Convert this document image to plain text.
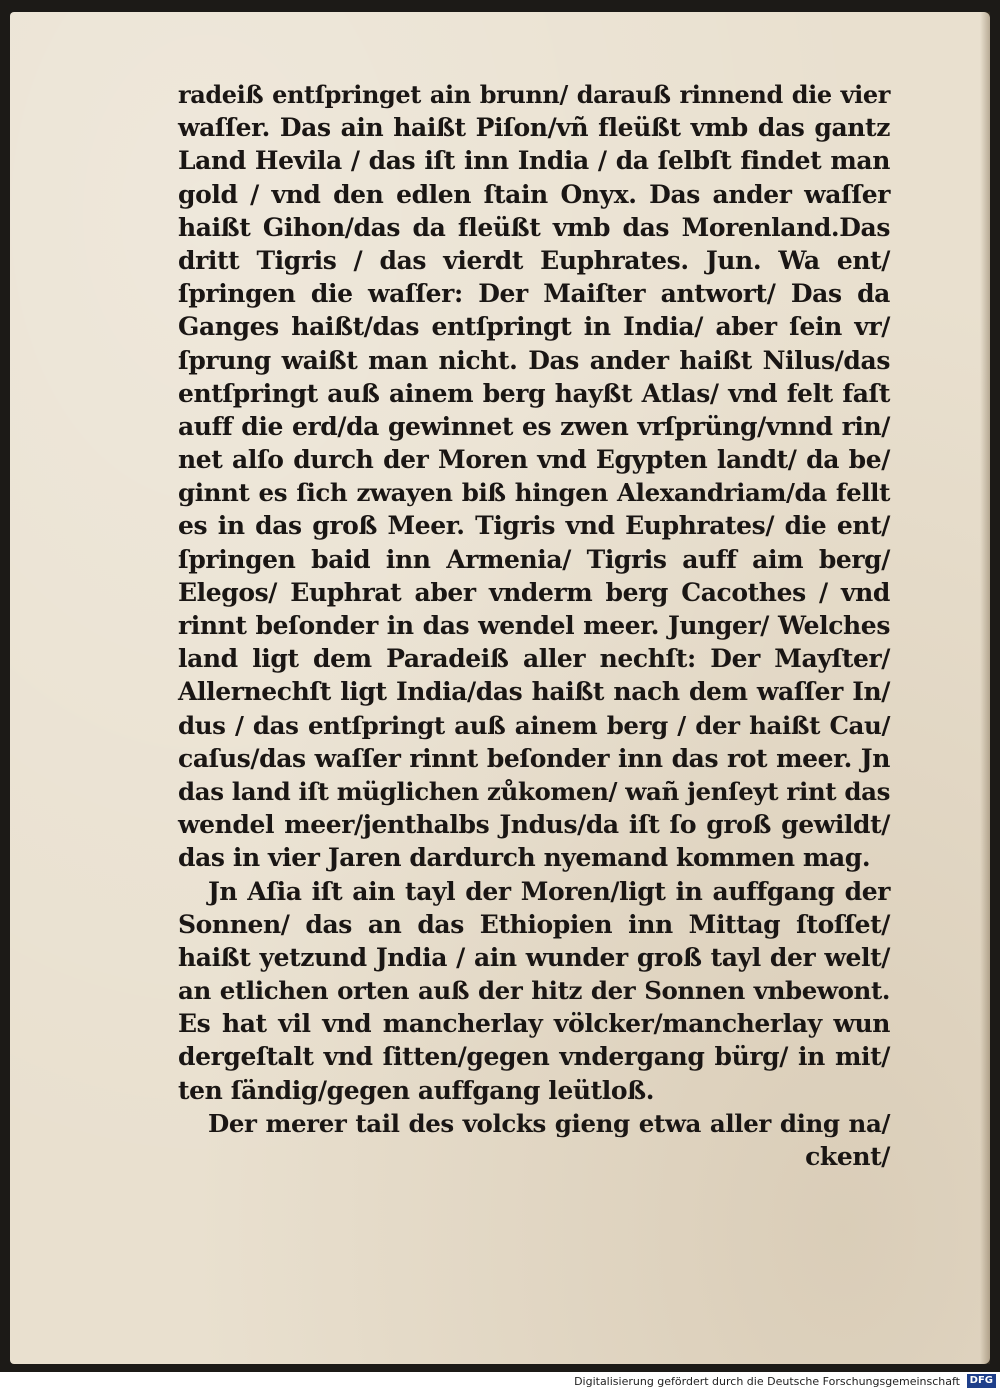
radeiß entſpringet ain brunn/ darauß rinnend die vier
waſſer. Das ain haißt Piſon/vñ fleüßt vmb das gantz
Land Hevila / das iſt inn India / da ſelbſt findet man
gold / vnd den edlen ſtain Onyx. Das ander waſſer
haißt Gihon/das da fleüßt vmb das Morenland.Das
dritt Tigris / das vierdt Euphrates. Jun. Wa ent/
ſpringen die waſſer: Der Maiſter antwort/ Das da
Ganges haißt/das entſpringt in India/ aber ſein vr/
ſprung waißt man nicht. Das ander haißt Nilus/das
entſpringt auß ainem berg hayßt Atlas/ vnd felt faſt
auff die erd/da gewinnet es zwen vrſprüng/vnnd rin/
net alſo durch der Moren vnd Egypten landt/ da be/
ginnt es ſich zwayen biß hingen Alexandriam/da fellt
es in das groß Meer. Tigris vnd Euphrates/ die ent/
ſpringen baid inn Armenia/ Tigris auff aim berg/
Elegos/ Euphrat aber vnderm berg Cacothes / vnd
rinnt beſonder in das wendel meer. Junger/ Welches
land ligt dem Paradeiß aller nechſt: Der Mayſter/
Allernechſt ligt India/das haißt nach dem waſſer In/
dus / das entſpringt auß ainem berg / der haißt Cau/
caſus/das waſſer rinnt beſonder inn das rot meer. Jn
das land iſt müglichen zůkomen/ wañ jenſeyt rint das
wendel meer/jenthalbs Jndus/da iſt ſo groß gewildt/
das in vier Jaren dardurch nyemand kommen mag.
Jn Aſia iſt ain tayl der Moren/ligt in auffgang der
Sonnen/ das an das Ethiopien inn Mittag ſtoſſet/
haißt yetzund Jndia / ain wunder groß tayl der welt/
an etlichen orten auß der hitz der Sonnen vnbewont.
Es hat vil vnd mancherlay völcker/mancherlay wun
dergeſtalt vnd ſitten/gegen vndergang bürg/ in mit/
ten ſändig/gegen auffgang leütloß.
Der merer tail des volcks gieng etwa aller ding na/
ckent/
Digitalisierung gefördert durch die Deutsche Forschungsgemeinschaft DFG
